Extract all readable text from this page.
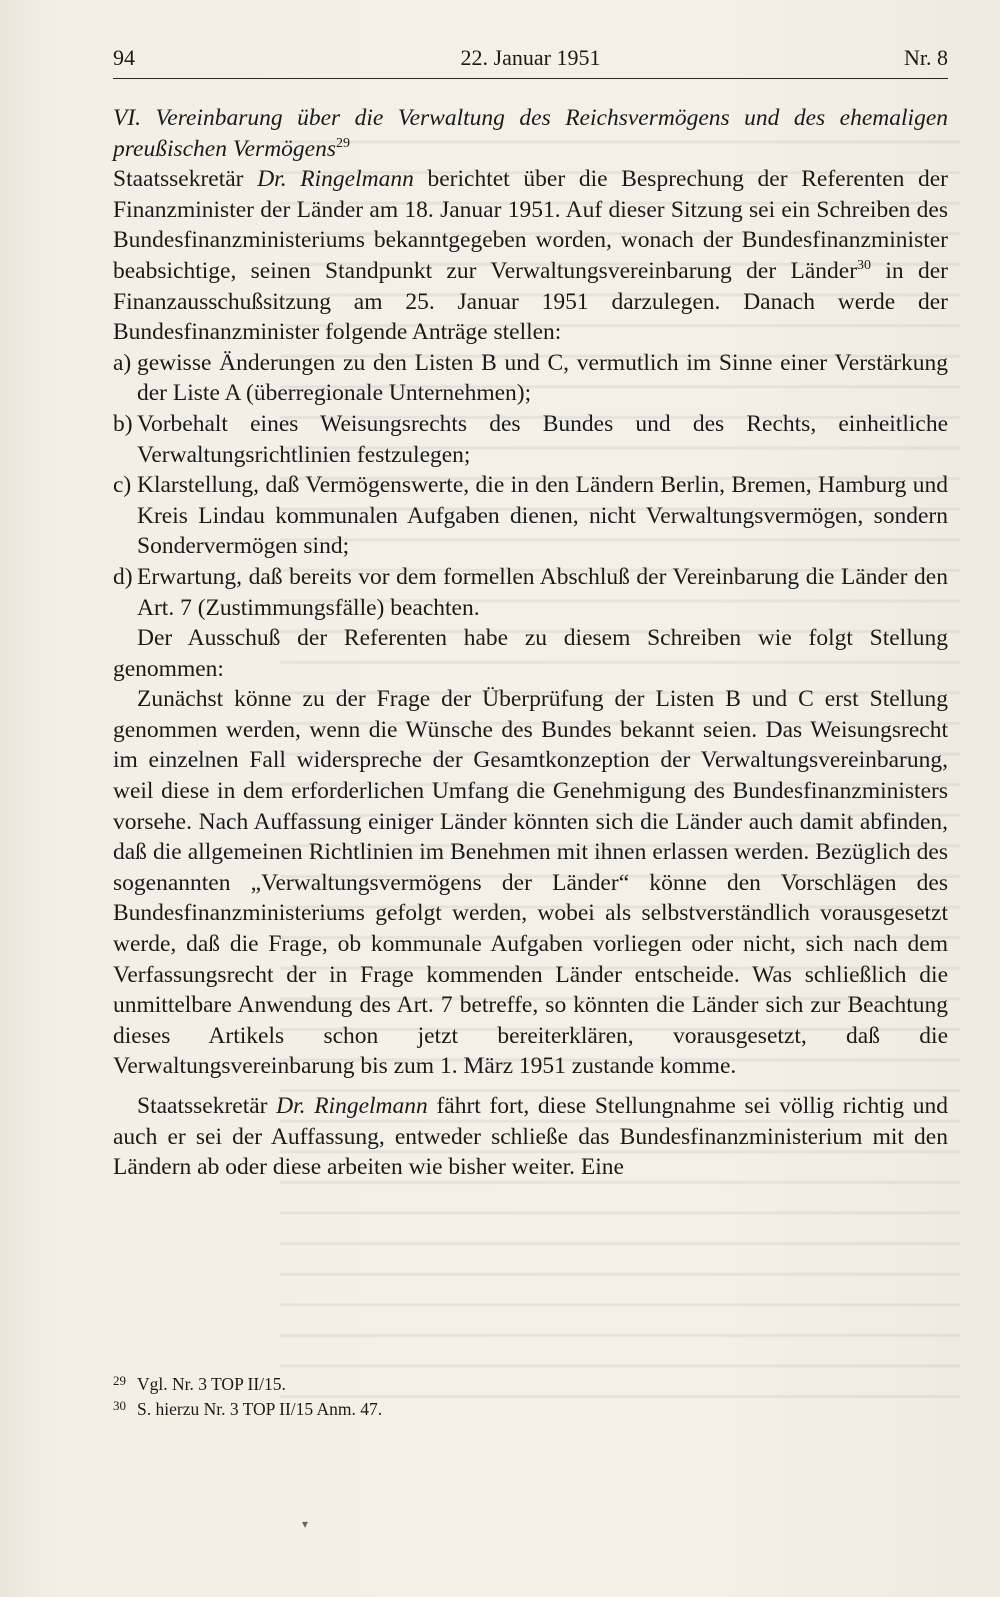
94	22. Januar 1951	Nr. 8

VI. Vereinbarung über die Verwaltung des Reichsvermögens und des ehemaligen preußischen Vermögens$^{29}$

Staatssekretär Dr. Ringelmann berichtet über die Besprechung der Referenten der Finanzminister der Länder am 18. Januar 1951. Auf dieser Sitzung sei ein Schreiben des Bundesfinanzministeriums bekanntgegeben worden, wonach der Bundesfinanzminister beabsichtige, seinen Standpunkt zur Verwaltungsvereinbarung der Länder$^{30}$ in der Finanzausschußsitzung am 25. Januar 1951 darzulegen. Danach werde der Bundesfinanzminister folgende Anträge stellen:

a) gewisse Änderungen zu den Listen B und C, vermutlich im Sinne einer Verstärkung der Liste A (überregionale Unternehmen);
b) Vorbehalt eines Weisungsrechts des Bundes und des Rechts, einheitliche Verwaltungsrichtlinien festzulegen;
c) Klarstellung, daß Vermögenswerte, die in den Ländern Berlin, Bremen, Hamburg und Kreis Lindau kommunalen Aufgaben dienen, nicht Verwaltungsvermögen, sondern Sondervermögen sind;
d) Erwartung, daß bereits vor dem formellen Abschluß der Vereinbarung die Länder den Art. 7 (Zustimmungsfälle) beachten.

Der Ausschuß der Referenten habe zu diesem Schreiben wie folgt Stellung genommen:

Zunächst könne zu der Frage der Überprüfung der Listen B und C erst Stellung genommen werden, wenn die Wünsche des Bundes bekannt seien. Das Weisungsrecht im einzelnen Fall widerspreche der Gesamtkonzeption der Verwaltungsvereinbarung, weil diese in dem erforderlichen Umfang die Genehmigung des Bundesfinanzministers vorsehe. Nach Auffassung einiger Länder könnten sich die Länder auch damit abfinden, daß die allgemeinen Richtlinien im Benehmen mit ihnen erlassen werden. Bezüglich des sogenannten „Verwaltungsvermögens der Länder“ könne den Vorschlägen des Bundesfinanzministeriums gefolgt werden, wobei als selbstverständlich vorausgesetzt werde, daß die Frage, ob kommunale Aufgaben vorliegen oder nicht, sich nach dem Verfassungsrecht der in Frage kommenden Länder entscheide. Was schließlich die unmittelbare Anwendung des Art. 7 betreffe, so könnten die Länder sich zur Beachtung dieses Artikels schon jetzt bereiterklären, vorausgesetzt, daß die Verwaltungsvereinbarung bis zum 1. März 1951 zustande komme.

Staatssekretär Dr. Ringelmann fährt fort, diese Stellungnahme sei völlig richtig und auch er sei der Auffassung, entweder schließe das Bundesfinanzministerium mit den Ländern ab oder diese arbeiten wie bisher weiter. Eine

29 Vgl. Nr. 3 TOP II/15.
30 S. hierzu Nr. 3 TOP II/15 Anm. 47.
▾
